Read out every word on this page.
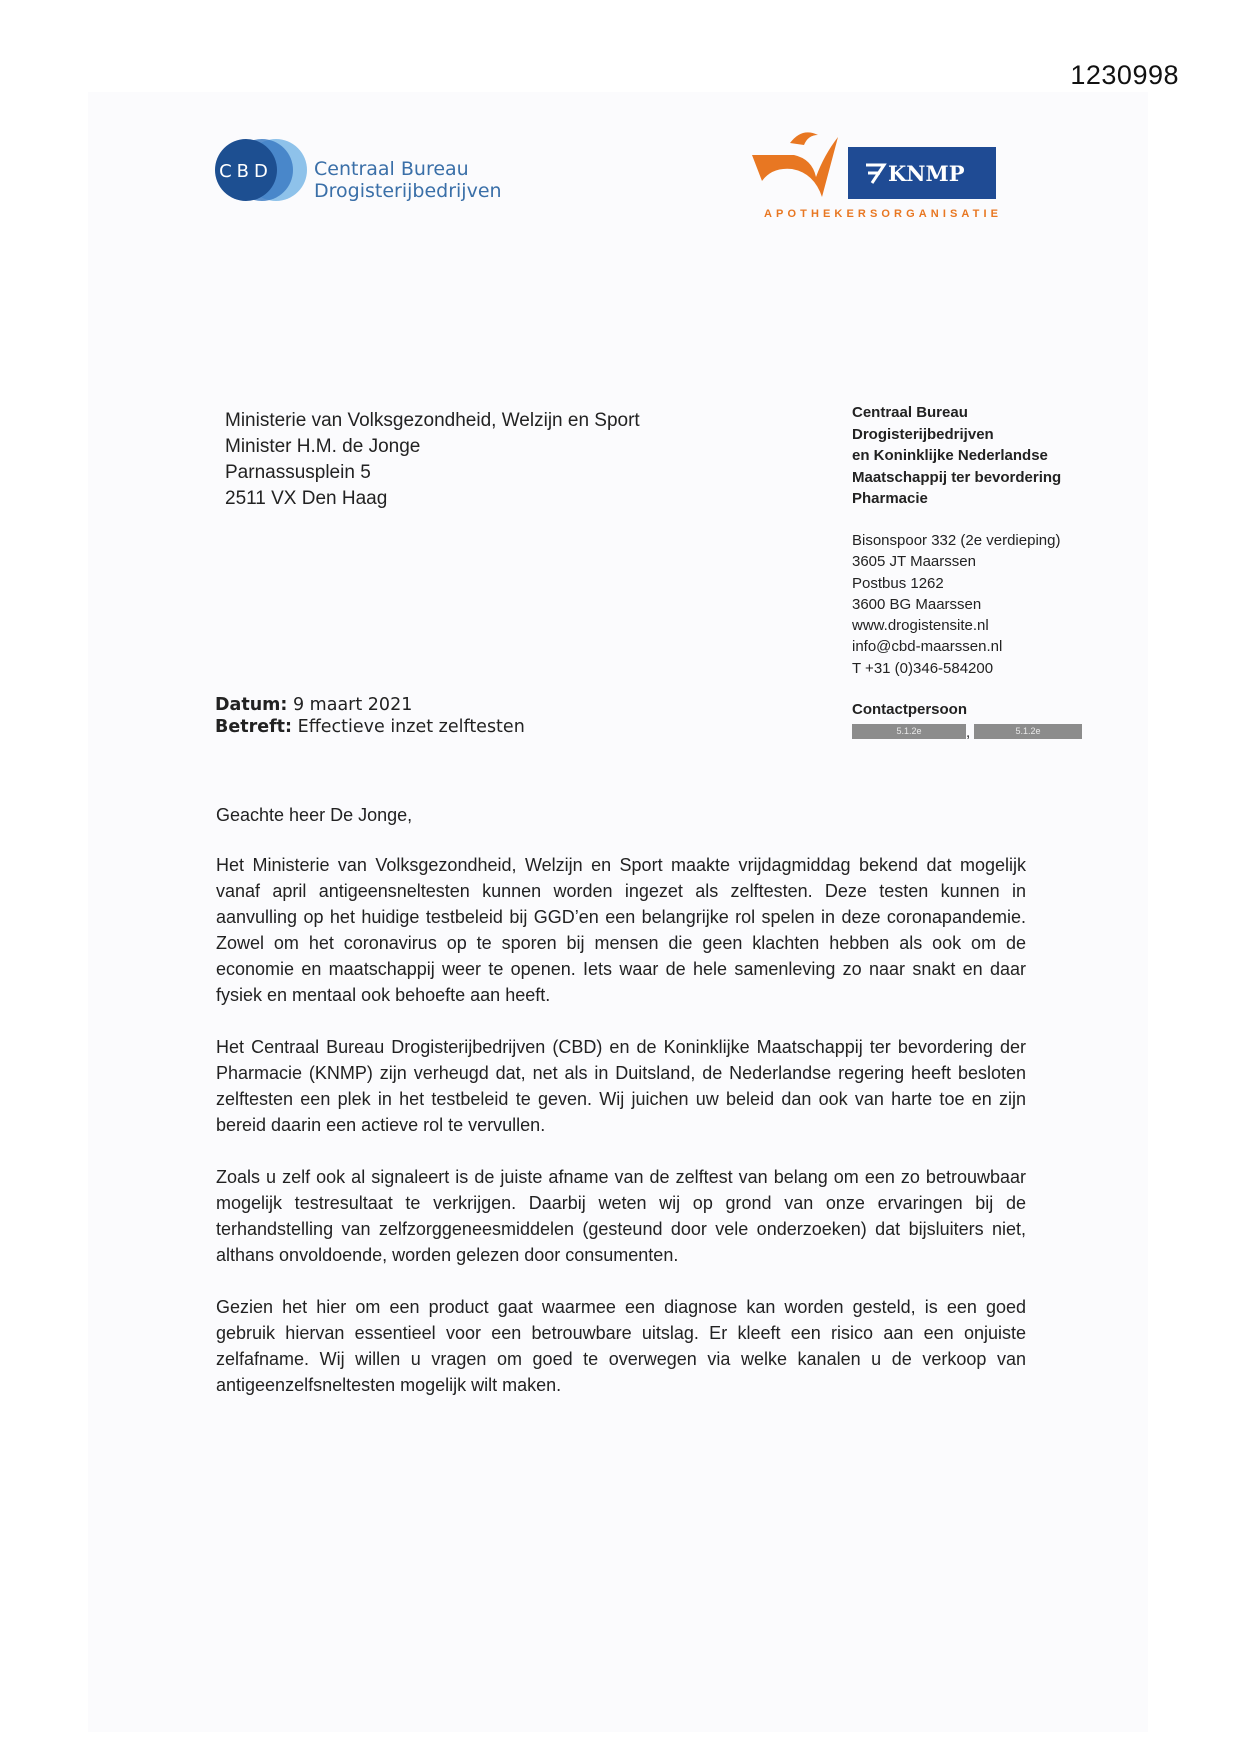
1230998
CBD Centraal Bureau
Drogisterijbedrijven
KNMP
APOTHEKERSORGANISATIE
Ministerie van Volksgezondheid, Welzijn en Sport
Minister H.M. de Jonge
Parnassusplein 5
2511 VX Den Haag
Centraal Bureau
Drogisterijbedrijven
en Koninklijke Nederlandse
Maatschappij ter bevordering
Pharmacie
Bisonspoor 332 (2e verdieping)
3605 JT Maarssen
Postbus 1262
3600 BG Maarssen
www.drogistensite.nl
info@cbd-maarssen.nl
T +31 (0)346-584200
Contactpersoon
5.1.2e	,	5.1.2e
Datum: 9 maart 2021
Betreft: Effectieve inzet zelftesten
Geachte heer De Jonge,

Het Ministerie van Volksgezondheid, Welzijn en Sport maakte vrijdagmiddag bekend dat mogelijk vanaf april antigeensneltesten kunnen worden ingezet als zelftesten. Deze testen kunnen in aanvulling op het huidige testbeleid bij GGD’en een belangrijke rol spelen in deze coronapandemie. Zowel om het coronavirus op te sporen bij mensen die geen klachten hebben als ook om de economie en maatschappij weer te openen. Iets waar de hele samenleving zo naar snakt en daar fysiek en mentaal ook behoefte aan heeft.

Het Centraal Bureau Drogisterijbedrijven (CBD) en de Koninklijke Maatschappij ter bevordering der Pharmacie (KNMP) zijn verheugd dat, net als in Duitsland, de Nederlandse regering heeft besloten zelftesten een plek in het testbeleid te geven. Wij juichen uw beleid dan ook van harte toe en zijn bereid daarin een actieve rol te vervullen.

Zoals u zelf ook al signaleert is de juiste afname van de zelftest van belang om een zo betrouwbaar mogelijk testresultaat te verkrijgen. Daarbij weten wij op grond van onze ervaringen bij de terhandstelling van zelfzorggeneesmiddelen (gesteund door vele onderzoeken) dat bijsluiters niet, althans onvoldoende, worden gelezen door consumenten.

Gezien het hier om een product gaat waarmee een diagnose kan worden gesteld, is een goed gebruik hiervan essentieel voor een betrouwbare uitslag. Er kleeft een risico aan een onjuiste zelfafname. Wij willen u vragen om goed te overwegen via welke kanalen u de verkoop van antigeenzelfsneltesten mogelijk wilt maken.
